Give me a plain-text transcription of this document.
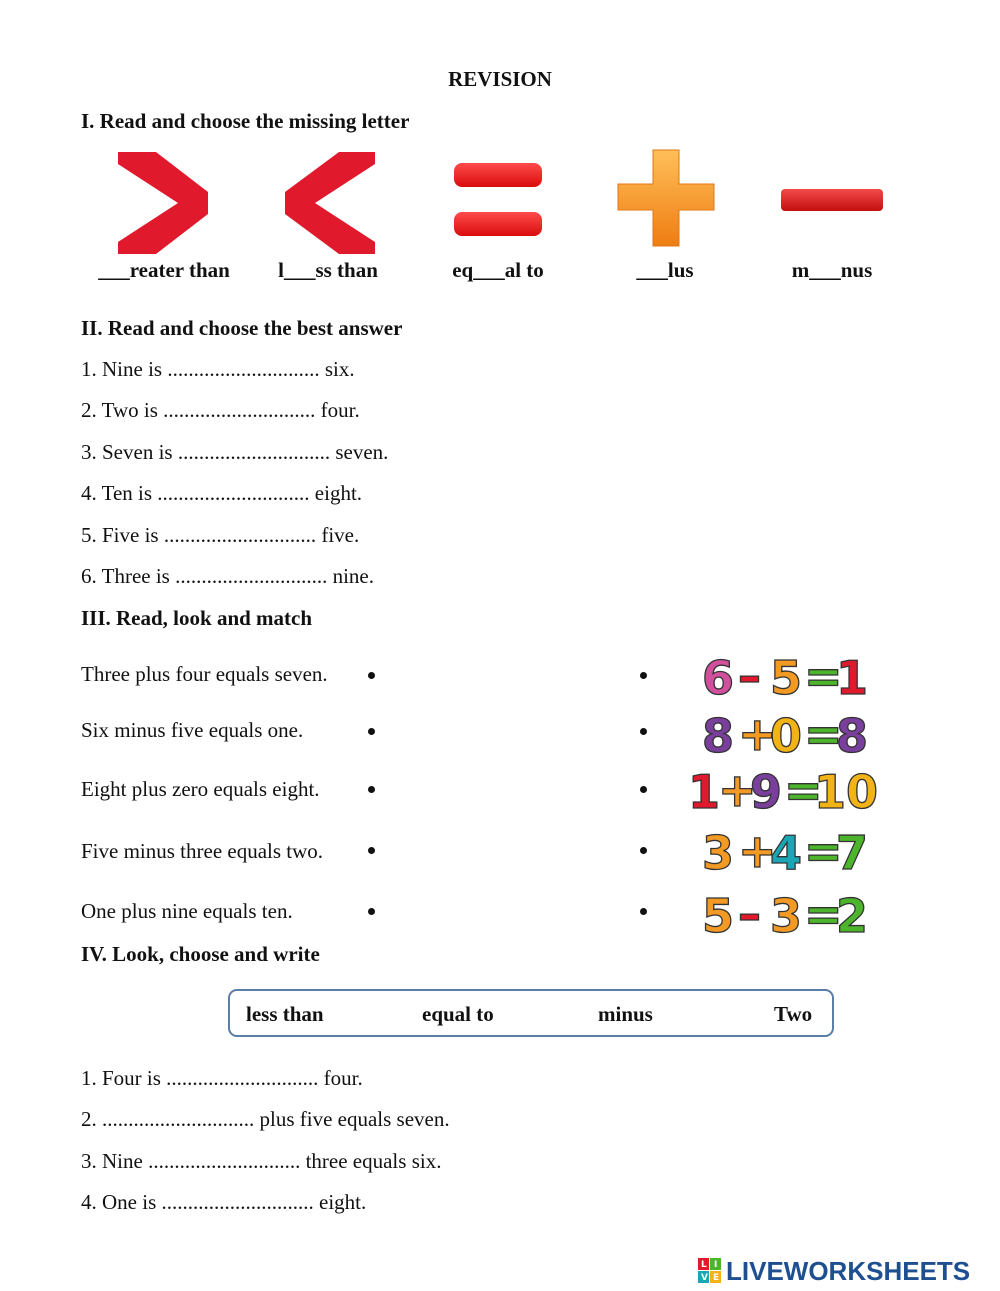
REVISION
I. Read and choose the missing letter
___reater than	l___ss than	eq___al to	___lus	m___nus
II. Read and choose the best answer
1. Nine is ............................. six.
2. Two is ............................. four.
3. Seven is ............................. seven.
4. Ten is ............................. eight.
5. Five is ............................. five.
6. Three is ............................. nine.
III. Read, look and match
Three plus four equals seven.
Six minus five equals one.
Eight plus zero equals eight.
Five minus three equals two.
One plus nine equals ten.
6 – 5 =
1
8 +
0 =
8
1
+
9 =
10
3 +
4 =
7
5 – 3 =
2
IV. Look, choose and write
less than	equal to	minus	Two
1. Four is ............................. four.
2. ............................. plus five equals seven.
3. Nine ............................. three equals six.
4. One is ............................. eight.
L I
V E LIVEWORKSHEETS
